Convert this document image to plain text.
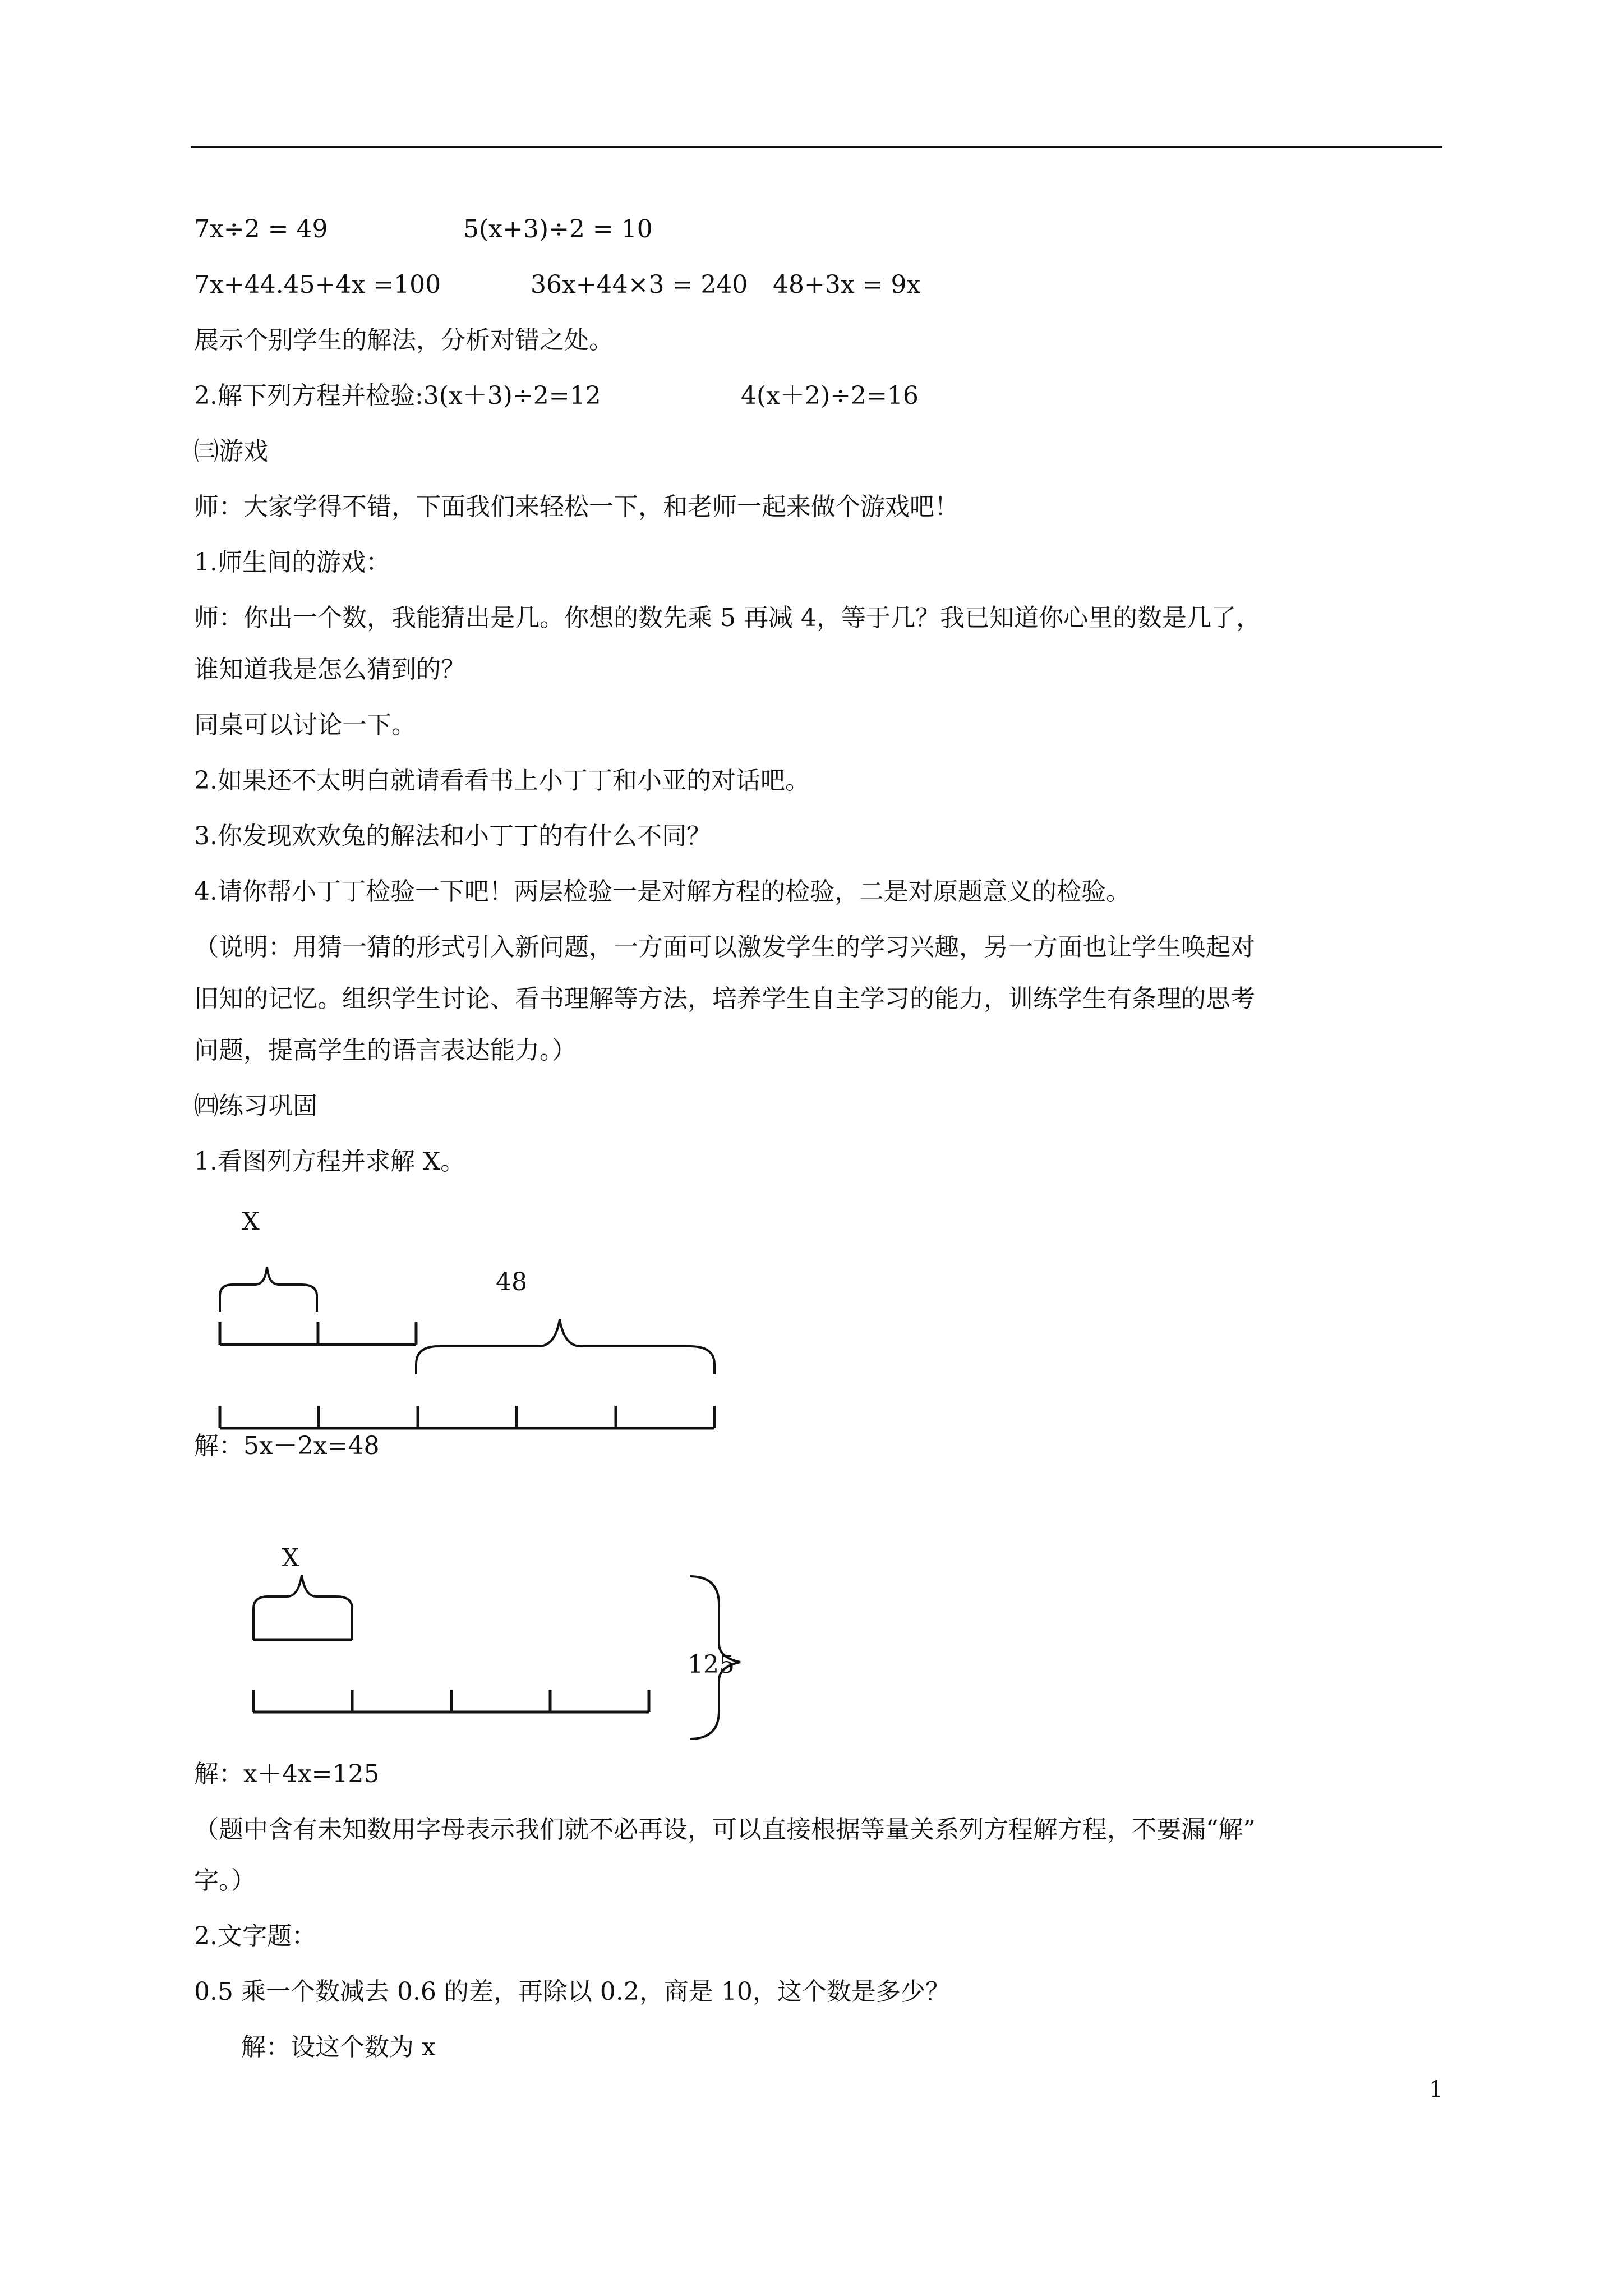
7x÷2 = 49	5(x+3)÷2 = 10
7x+44.45+4x =100	36x+44×3 = 240 48+3x = 9x
展示个别学生的解法，分析对错之处。
2.解下列方程并检验:3(x＋3)÷2=12	4(x＋2)÷2=16
㈢游戏
师：大家学得不错，下面我们来轻松一下，和老师一起来做个游戏吧！
1.师生间的游戏：
师：你出一个数，我能猜出是几。你想的数先乘 5 再减 4，等于几？我已知道你心里的数是几了，
谁知道我是怎么猜到的？
同桌可以讨论一下。
2.如果还不太明白就请看看书上小丁丁和小亚的对话吧。
3.你发现欢欢兔的解法和小丁丁的有什么不同？
4.请你帮小丁丁检验一下吧！两层检验一是对解方程的检验，二是对原题意义的检验。
（说明：用猜一猜的形式引入新问题，一方面可以激发学生的学习兴趣，另一方面也让学生唤起对
旧知的记忆。组织学生讨论、看书理解等方法，培养学生自主学习的能力，训练学生有条理的思考
问题，提高学生的语言表达能力。）
㈣练习巩固
1.看图列方程并求解 X。
X
48
X
125
解：5x－2x=48
解：x＋4x=125
（题中含有未知数用字母表示我们就不必再设，可以直接根据等量关系列方程解方程，不要漏“解”
字。）
2.文字题：
0.5 乘一个数减去 0.6 的差，再除以 0.2，商是 10，这个数是多少？
解：设这个数为 x
1
